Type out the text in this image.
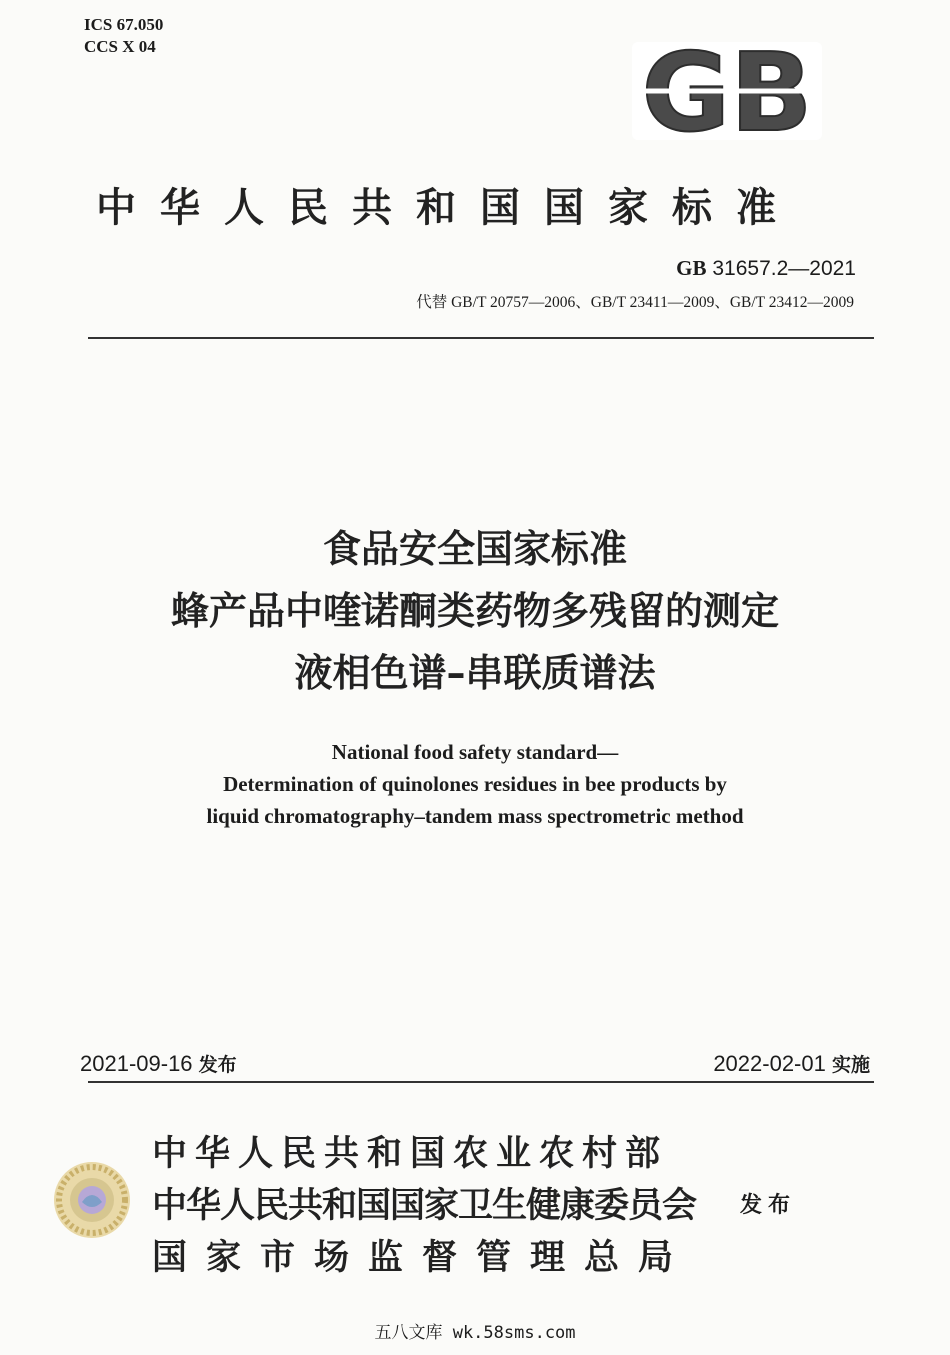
ICS 67.050
CCS X 04	GB
中华人民共和国国家标准
GB 31657.2—2021
代替 GB/T 20757—2006、GB/T 23411—2009、GB/T 23412—2009
食品安全国家标准
蜂产品中喹诺酮类药物多残留的测定
液相色谱–串联质谱法
National food safety standard—
Determination of quinolones residues in bee products by
liquid chromatography–tandem mass spectrometric method
2021-09-16 发布	2022-02-01 实施
中华人民共和国农业农村部
中华人民共和国国家卫生健康委员会
国家市场监督管理总局
发布
五八文库 wk.58sms.com
